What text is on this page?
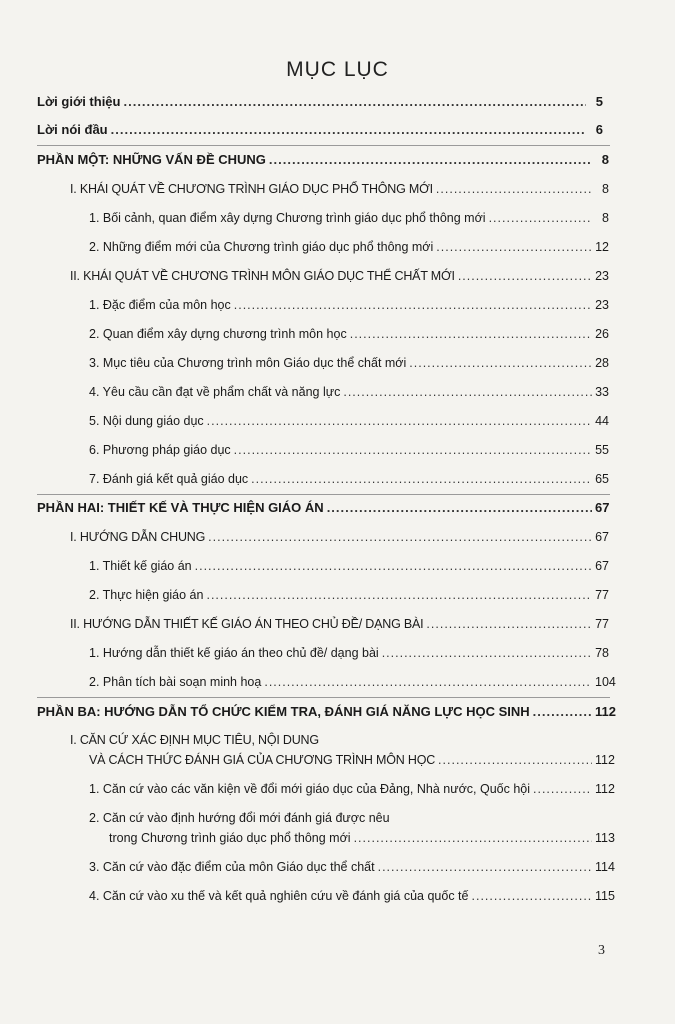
MỤC LỤC
Lời giới thiệu .....	5
Lời nói đầu .....	6
PHẦN MỘT: NHỮNG VẤN ĐỀ CHUNG .....	8
I. KHÁI QUÁT VỀ CHƯƠNG TRÌNH GIÁO DỤC PHỔ THÔNG MỚI .....	8
1. Bối cảnh, quan điểm xây dựng Chương trình giáo dục phổ thông mới .....	8
2. Những điểm mới của Chương trình giáo dục phổ thông mới .....	12
II. KHÁI QUÁT VỀ CHƯƠNG TRÌNH MÔN GIÁO DỤC THỂ CHẤT MỚI .....	23
1. Đặc điểm của môn học .....	23
2. Quan điểm xây dựng chương trình môn học .....	26
3. Mục tiêu của Chương trình môn Giáo dục thể chất mới .....	28
4. Yêu cầu cần đạt về phẩm chất và năng lực .....	33
5. Nội dung giáo dục .....	44
6. Phương pháp giáo dục .....	55
7. Đánh giá kết quả giáo dục .....	65
PHẦN HAI: THIẾT KẾ VÀ THỰC HIỆN GIÁO ÁN .....	67
I. HƯỚNG DẪN CHUNG .....	67
1. Thiết kế giáo án .....	67
2. Thực hiện giáo án .....	77
II. HƯỚNG DẪN THIẾT KẾ GIÁO ÁN THEO CHỦ ĐỀ/ DẠNG BÀI .....	77
1. Hướng dẫn thiết kế giáo án theo chủ đề/ dạng bài .....	78
2. Phân tích bài soạn minh hoạ .....	104
PHẦN BA: HƯỚNG DẪN TỔ CHỨC KIỂM TRA, ĐÁNH GIÁ NĂNG LỰC HỌC SINH .....	112
I. CĂN CỨ XÁC ĐỊNH MỤC TIÊU, NỘI DUNG
VÀ CÁCH THỨC ĐÁNH GIÁ CỦA CHƯƠNG TRÌNH MÔN HỌC .....	112
1. Căn cứ vào các văn kiện về đổi mới giáo dục của Đảng, Nhà nước, Quốc hội .....	112
2. Căn cứ vào định hướng đổi mới đánh giá được nêu
trong Chương trình giáo dục phổ thông mới .....	113
3. Căn cứ vào đặc điểm của môn Giáo dục thể chất .....	114
4. Căn cứ vào xu thế và kết quả nghiên cứu về đánh giá của quốc tế .....	115
3
